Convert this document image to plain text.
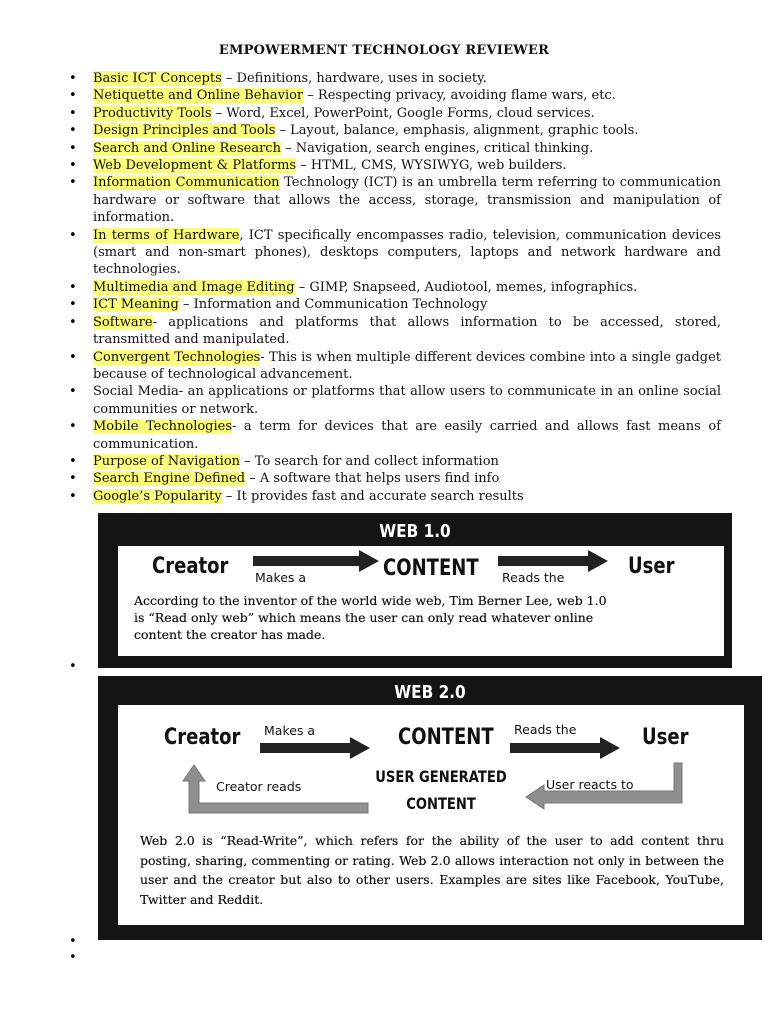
EMPOWERMENT TECHNOLOGY REVIEWER
• Basic ICT Concepts – Definitions, hardware, uses in society.
• Netiquette and Online Behavior – Respecting privacy, avoiding flame wars, etc.
• Productivity Tools – Word, Excel, PowerPoint, Google Forms, cloud services.
• Design Principles and Tools – Layout, balance, emphasis, alignment, graphic tools.
• Search and Online Research – Navigation, search engines, critical thinking.
• Web Development & Platforms – HTML, CMS, WYSIWYG, web builders.
• Information Communication Technology (ICT) is an umbrella term referring to communication hardware or software that allows the access, storage, transmission and manipulation of information.
• In terms of Hardware, ICT specifically encompasses radio, television, communication devices (smart and non-smart phones), desktops computers, laptops and network hardware and technologies.
• Multimedia and Image Editing – GIMP, Snapseed, Audiotool, memes, infographics.
• ICT Meaning – Information and Communication Technology
• Software- applications and platforms that allows information to be accessed, stored, transmitted and manipulated.
• Convergent Technologies- This is when multiple different devices combine into a single gadget because of technological advancement.
• Social Media- an applications or platforms that allow users to communicate in an online social communities or network.
• Mobile Technologies- a term for devices that are easily carried and allows fast means of communication.
• Purpose of Navigation – To search for and collect information
• Search Engine Defined – A software that helps users find info
• Google’s Popularity – It provides fast and accurate search results
WEB 1.0
Creator Makes a	CONTENT Reads the	User
According to the inventor of the world wide web, Tim Berner Lee, web 1.0 is “Read only web” which means the user can only read whatever online content the creator has made.
•
WEB 2.0
Creator Makes a	CONTENT Reads the	User
Creator reads
USER GENERATED
CONTENT
User reacts to
Web 2.0 is “Read-Write”, which refers for the ability of the user to add content thru posting, sharing, commenting or rating. Web 2.0 allows interaction not only in between the user and the creator but also to other users. Examples are sites like Facebook, YouTube, Twitter and Reddit.
•
•
